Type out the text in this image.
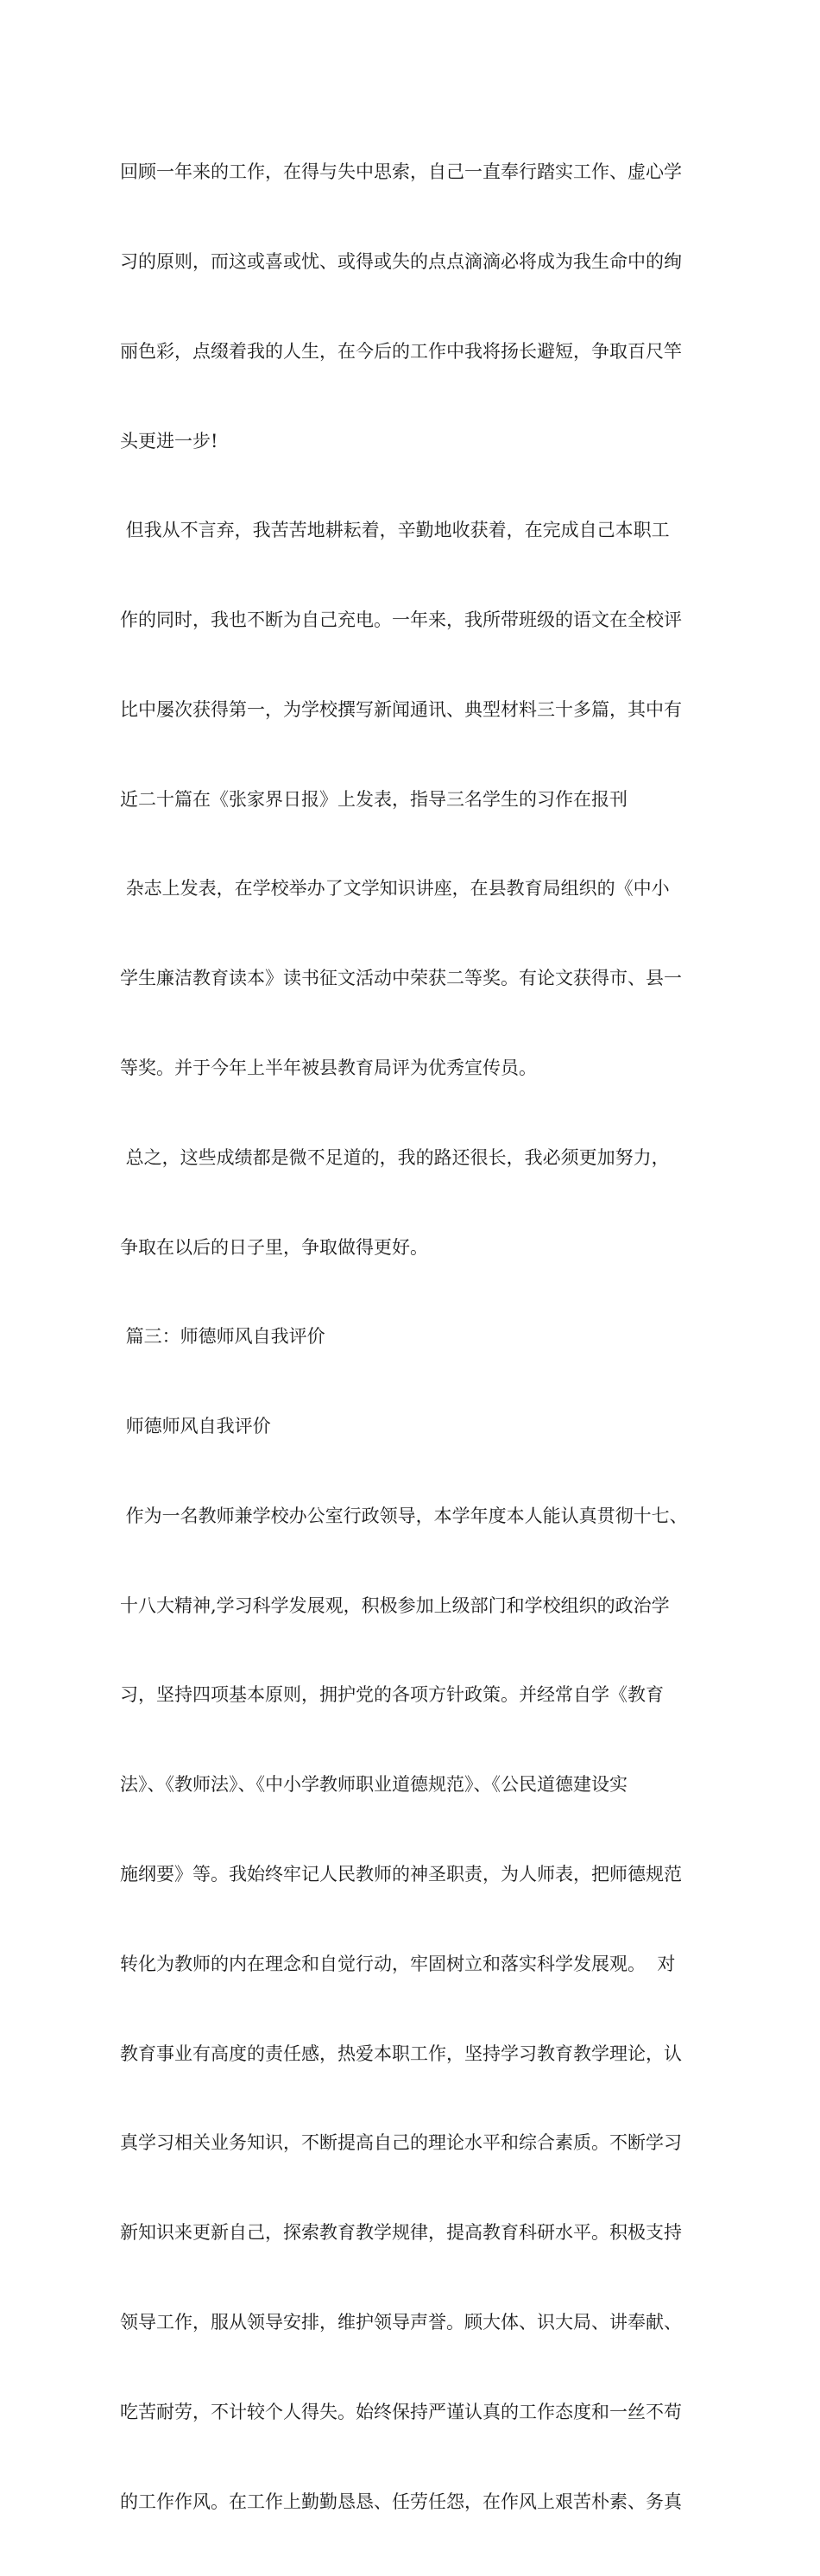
回顾一年来的工作，在得与失中思索，自己一直奉行踏实工作、虚心学

习的原则，而这或喜或忧、或得或失的点点滴滴必将成为我生命中的绚

丽色彩，点缀着我的人生，在今后的工作中我将扬长避短，争取百尺竿

头更进一步!

但我从不言弃，我苦苦地耕耘着，辛勤地收获着，在完成自己本职工

作的同时，我也不断为自己充电。一年来，我所带班级的语文在全校评

比中屡次获得第一，为学校撰写新闻通讯、典型材料三十多篇，其中有

近二十篇在《张家界日报》上发表，指导三名学生的习作在报刊

杂志上发表，在学校举办了文学知识讲座，在县教育局组织的《中小

学生廉洁教育读本》读书征文活动中荣获二等奖。有论文获得市、县一

等奖。并于今年上半年被县教育局评为优秀宣传员。

总之，这些成绩都是微不足道的，我的路还很长，我必须更加努力，

争取在以后的日子里，争取做得更好。

篇三：师德师风自我评价

师德师风自我评价

作为一名教师兼学校办公室行政领导，本学年度本人能认真贯彻十七、

十八大精神,学习科学发展观，积极参加上级部门和学校组织的政治学

习，坚持四项基本原则，拥护党的各项方针政策。并经常自学《教育

法》、《教师法》、《中小学教师职业道德规范》、《公民道德建设实

施纲要》等。我始终牢记人民教师的神圣职责，为人师表，把师德规范

转化为教师的内在理念和自觉行动，牢固树立和落实科学发展观。  对

教育事业有高度的责任感，热爱本职工作，坚持学习教育教学理论，认

真学习相关业务知识，不断提高自己的理论水平和综合素质。不断学习

新知识来更新自己，探索教育教学规律，提高教育科研水平。积极支持

领导工作，服从领导安排，维护领导声誉。顾大体、识大局、讲奉献、

吃苦耐劳，不计较个人得失。始终保持严谨认真的工作态度和一丝不苟

的工作作风。在工作上勤勤恳恳、任劳任怨，在作风上艰苦朴素、务真
